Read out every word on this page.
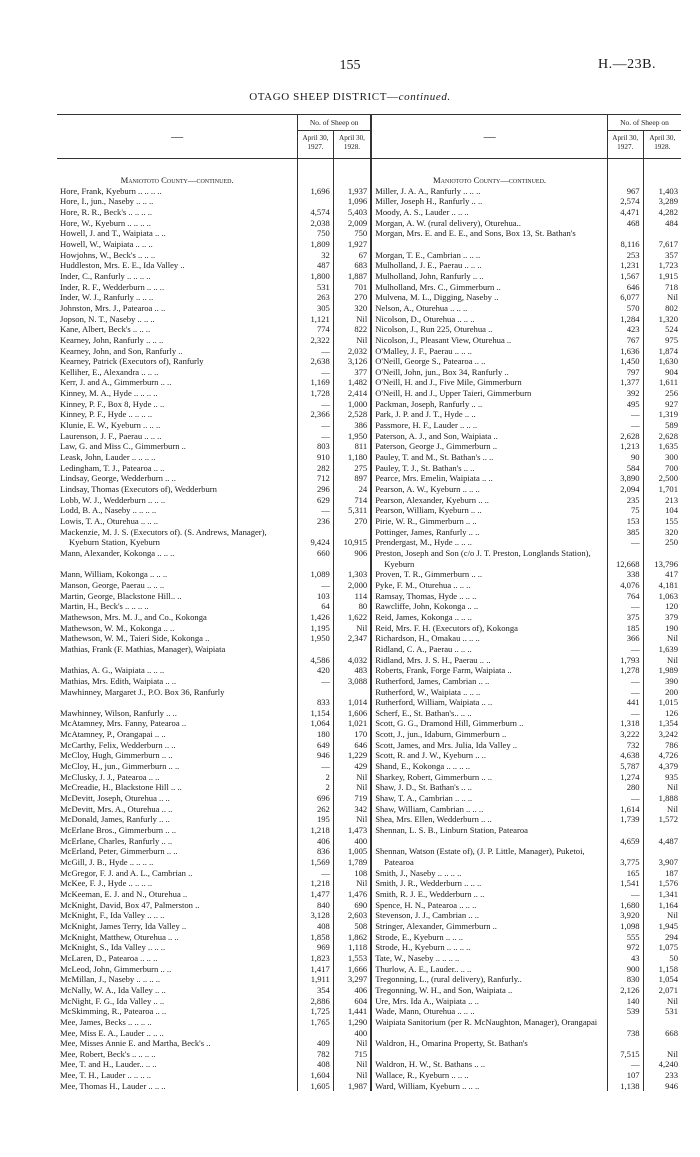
155	H.—23B.
OTAGO SHEEP DISTRICT—continued.
—	No. of Sheep on		—	No. of Sheep on	
	April 30, 1927.	April 30, 1928.		April 30, 1927.	April 30, 1928.
Maniototo County—continued.			Maniototo County—continued.		
Hore, Frank, Kyeburn .. .. .. ..	1,696	1,937	Miller, J. A. A., Ranfurly .. .. ..	967	1,403
Hore, I., jun., Naseby .. .. ..		1,096	Miller, Joseph H., Ranfurly .. ..	2,574	3,289
Hore, R. R., Beck's .. .. .. ..	4,574	5,403	Moody, A. S., Lauder .. .. ..	4,471	4,282
Hore, W., Kyeburn .. .. .. ..	2,038	2,009	Morgan, A. W. (rural delivery), Oturehua..	468	484
Howell, J. and T., Waipiata .. ..	750	750	Morgan, Mrs. E. and E. E., and Sons, Box 13, St. Bathan's	8,116	7,617
Howell, W., Waipiata .. .. ..	1,809	1,927			
Howjohns, W., Beck's .. .. ..	32	67	Morgan, T. E., Cambrian .. .. ..	253	357
Huddleston, Mrs. E. E., Ida Valley ..	487	683	Mulholland, J. E., Paerau .. .. ..	1,231	1,723
Inder, C., Ranfurly .. .. .. ..	1,800	1,887	Mulholland, John, Ranfurly .. ..	1,567	1,915
Inder, R. F., Wedderburn .. .. ..	531	701	Mulholland, Mrs. C., Gimmerburn ..	646	718
Inder, W. J., Ranfurly .. .. ..	263	270	Mulvena, M. L., Digging, Naseby ..	6,077	Nil
Johnston, Mrs. J., Patearoa .. ..	305	320	Nelson, A., Oturehua .. .. ..	570	802
Jopson, N. T., Naseby .. .. ..	1,121	Nil	Nicolson, D., Oturehua .. .. ..	1,284	1,320
Kane, Albert, Beck's .. .. ..	774	822	Nicolson, J., Run 225, Oturehua ..	423	524
Kearney, John, Ranfurly .. .. ..	2,322	Nil	Nicolson, J., Pleasant View, Oturehua ..	767	975
Kearney, John, and Son, Ranfurly ..	—	2,032	O'Malley, J. F., Paerau .. .. ..	1,636	1,874
Kearney, Patrick (Executors of), Ranfurly	2,638	3,126	O'Neill, George S., Patearoa .. ..	1,450	1,630
Kelliher, E., Alexandra .. .. ..	—	377	O'Neill, John, jun., Box 34, Ranfurly ..	797	904
Kerr, J. and A., Gimmerburn .. ..	1,169	1,482	O'Neill, H. and J., Five Mile, Gimmerburn	1,377	1,611
Kinney, M. A., Hyde .. .. .. ..	1,728	2,414	O'Neill, H. and J., Upper Taieri, Gimmerburn	392	256
Kinney, P. F., Box 8, Hyde .. ..	—	1,000	Packman, Joseph, Ranfurly .. ..	495	927
Kinney, P. F., Hyde .. .. .. ..	2,366	2,528	Park, J. P. and J. T., Hyde .. ..	—	1,319
Klunie, E. W., Kyeburn .. .. ..	—	386	Passmore, H. F., Lauder .. .. ..	—	589
Laurenson, J. F., Paerau .. .. ..	—	1,950	Paterson, A. J., and Son, Waipiata ..	2,628	2,628
Law, G. and Miss C., Gimmerburn ..	803	811	Paterson, George J., Gimmerburn ..	1,213	1,635
Leask, John, Lauder .. .. .. ..	910	1,180	Pauley, T. and M., St. Bathan's .. ..	90	300
Ledingham, T. J., Patearoa .. ..	282	275	Pauley, T. J., St. Bathan's .. ..	584	700
Lindsay, George, Wedderburn .. ..	712	897	Pearce, Mrs. Emelin, Waipiata .. ..	3,890	2,500
Lindsay, Thomas (Executors of), Wedderburn	296	24	Pearson, A. W., Kyeburn .. .. ..	2,094	1,701
Lobb, W. J., Wedderburn .. .. ..	629	714	Pearson, Alexander, Kyeburn .. ..	235	213
Lodd, B. A., Naseby .. .. .. ..	—	5,311	Pearson, William, Kyeburn .. ..	75	104
Lowis, T. A., Oturehua .. .. ..	236	270	Pirie, W. R., Gimmerburn .. ..	153	155
Mackenzie, M. J. S. (Executors of). (S. Andrews, Manager), Kyeburn Station, Kyeburn	9,424	10,915	Pottinger, James, Ranfurly .. ..	385	320
			Prendergast, M., Hyde .. .. ..	—	250
			Preston, Joseph and Son (c/o J. T. Preston, Longlands Station), Kyeburn	12,668	13,796
Mann, Alexander, Kokonga .. .. ..	660	906			
Mann, William, Kokonga .. .. ..	1,089	1,303	Proven, T. R., Gimmerburn .. ..	338	417
Manson, George, Paerau .. .. ..	—	2,000	Pyke, F. M., Oturehua .. .. ..	4,076	4,181
Martin, George, Blackstone Hill.. ..	103	114	Ramsay, Thomas, Hyde .. .. ..	764	1,063
Martin, H., Beck's .. .. .. ..	64	80	Rawcliffe, John, Kokonga .. ..	—	120
Mathewson, Mrs. M. J., and Co., Kokonga	1,426	1,622	Reid, James, Kokonga .. .. ..	375	379
Mathewson, W. M., Kokonga .. ..	1,195	Nil	Reid, Mrs. F. H. (Executors of), Kokonga	185	190
Mathewson, W. M., Taieri Side, Kokonga ..	1,950	2,347	Richardson, H., Omakau .. .. ..	366	Nil
Mathias, Frank (F. Mathias, Manager), Waipiata	4,586	4,032	Ridland, C. A., Paerau .. .. ..	—	1,639
			Ridland, Mrs. J. S. H., Paerau .. ..	1,793	Nil
Mathias, A. G., Waipiata .. .. ..	420	483	Roberts, Frank, Forge Farm, Waipiata ..	1,278	1,989
Mathias, Mrs. Edith, Waipiata .. ..	—	3,088	Rutherford, James, Cambrian .. ..	—	390
Mawhinney, Margaret J., P.O. Box 36, Ranfurly	833	1,014	Rutherford, W., Waipiata .. .. ..	—	200
			Rutherford, William, Waipiata .. ..	441	1,015
Mawhinney, Wilson, Ranfurly .. ..	1,154	1,606	Scherf, E., St. Bathan's.. .. ..	—	126
McAtamney, Mrs. Fanny, Patearoa ..	1,064	1,021	Scott, G. G., Dramond Hill, Gimmerburn ..	1,318	1,354
McAtamney, P., Orangapai .. ..	180	170	Scott, J., jun., Idaburn, Gimmerburn ..	3,222	3,242
McCarthy, Felix, Wedderburn .. ..	649	646	Scott, James, and Mrs. Julia, Ida Valley ..	732	786
McCloy, Hugh, Gimmerburn .. ..	946	1,229	Scott, R. and J. W., Kyeburn .. ..	4,638	4,726
McCloy, H., jun., Gimmerburn .. ..	—	429	Shand, E., Kokonga .. .. .. ..	5,787	4,379
McClusky, J. J., Patearoa .. ..	2	Nil	Sharkey, Robert, Gimmerburn .. ..	1,274	935
McCreadie, H., Blackstone Hill .. ..	2	Nil	Shaw, J. D., St. Bathan's .. ..	280	Nil
McDevitt, Joseph, Oturehua .. ..	696	719	Shaw, T. A., Cambrian .. .. ..	—	1,888
McDevitt, Mrs. A., Oturehua .. ..	262	342	Shaw, William, Cambrian .. .. ..	1,614	Nil
McDonald, James, Ranfurly .. ..	195	Nil	Shea, Mrs. Ellen, Wedderburn .. ..	1,739	1,572
McErlane Bros., Gimmerburn .. ..	1,218	1,473	Shennan, L. S. B., Linburn Station, Patearoa	4,659	4,487
McErlane, Charles, Ranfurly .. ..	406	400			
McErland, Peter, Gimmerburn .. ..	836	1,005	Shennan, Watson (Estate of), (J. P. Little, Manager), Puketoi, Patearoa	3,775	3,907
McGill, J. B., Hyde .. .. .. ..	1,569	1,789			
McGregor, F. J. and A. L., Cambrian ..	—	108	Smith, J., Naseby .. .. .. ..	165	187
McKee, F. J., Hyde .. .. .. ..	1,218	Nil	Smith, J. R., Wedderburn .. .. ..	1,541	1,576
McKeeman, E. J. and N., Oturehua ..	1,477	1,476	Smith, R. J. E., Wedderburn .. ..	—	1,341
McKnight, David, Box 47, Palmerston ..	840	690	Spence, H. N., Patearoa .. .. ..	1,680	1,164
McKnight, F., Ida Valley .. .. ..	3,128	2,603	Stevenson, J. J., Cambrian .. ..	3,920	Nil
McKnight, James Terry, Ida Valley ..	408	508	Stringer, Alexander, Gimmerburn ..	1,098	1,945
McKnight, Matthew, Oturehua .. ..	1,858	1,862	Strode, E., Kyeburn .. .. ..	555	294
McKnight, S., Ida Valley .. .. ..	969	1,118	Strode, H., Kyeburn .. .. .. ..	972	1,075
McLaren, D., Patearoa .. .. ..	1,823	1,553	Tate, W., Naseby .. .. .. ..	43	50
McLeod, John, Gimmerburn .. ..	1,417	1,666	Thurlow, A. E., Lauder.. .. ..	900	1,158
McMillan, J., Naseby .. .. .. ..	1,911	3,297	Tregonning, L., (rural delivery), Ranfurly..	830	1,054
McNally, W. A., Ida Valley .. ..	354	406	Tregonning, W. H., and Son, Waipiata ..	2,126	2,071
McNight, F. G., Ida Valley .. ..	2,886	604	Ure, Mrs. Ida A., Waipiata .. ..	140	Nil
McSkimming, R., Patearoa .. ..	1,725	1,441	Wade, Mann, Oturehua .. .. ..	539	531
Mee, James, Becks .. .. .. ..	1,765	1,290	Waipiata Sanitorium (per R. McNaughton, Manager), Orangapai	738	668
Mee, Miss E. A., Lauder .. .. ..		400			
Mee, Misses Annie E. and Martha, Beck's ..	409	Nil	Waldron, H., Omarina Property, St. Bathan's	7,515	Nil
Mee, Robert, Beck's .. .. .. ..	782	715			
Mee, T. and H., Lauder.. .. ..	408	Nil	Waldron, H. W., St. Bathans .. ..	—	4,240
Mee, T. H., Lauder .. .. .. ..	1,604	Nil	Wallace, R., Kyeburn .. .. ..	107	233
Mee, Thomas H., Lauder .. .. ..	1,605	1,987	Ward, William, Kyeburn .. .. ..	1,138	946
